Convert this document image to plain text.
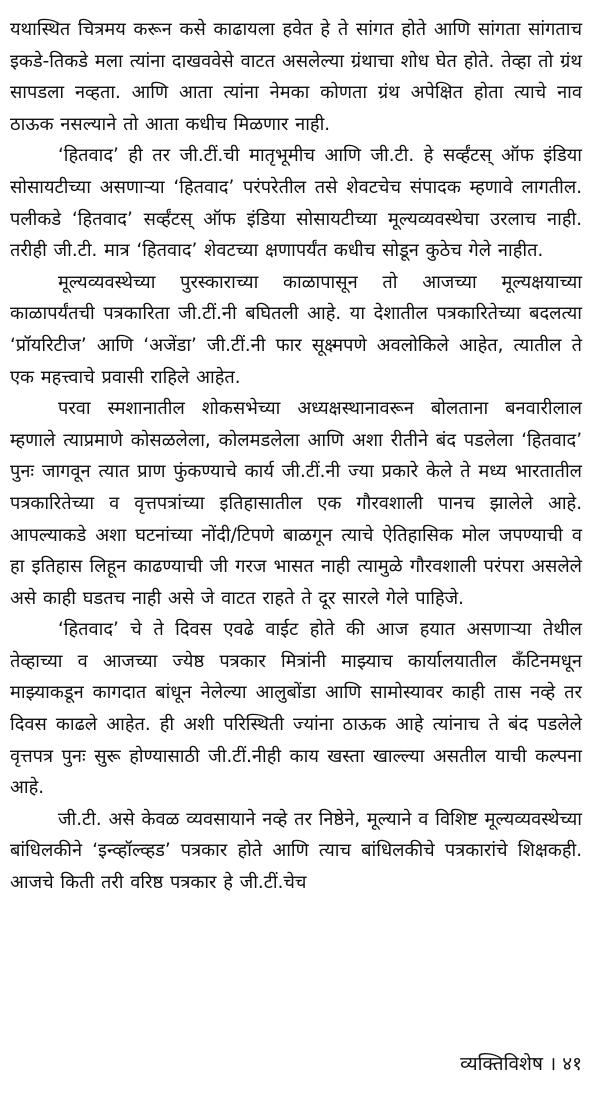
यथास्थित चित्रमय करून कसे काढायला हवेत हे ते सांगत होते आणि सांगता सांगताच इकडे-तिकडे मला त्यांना दाखववेसे वाटत असलेल्या ग्रंथाचा शोध घेत होते. तेव्हा तो ग्रंथ सापडला नव्हता. आणि आता त्यांना नेमका कोणता ग्रंथ अपेक्षित होता त्याचे नाव ठाऊक नसल्याने तो आता कधीच मिळणार नाही.

‘हितवाद’ ही तर जी.टीं.ची मातृभूमीच आणि जी.टी. हे सर्व्हंटस् ऑफ इंडिया सोसायटीच्या असणाऱ्या ‘हितवाद’ परंपरेतील तसे शेवटचेच संपादक म्हणावे लागतील. पलीकडे ‘हितवाद’ सर्व्हंटस् ऑफ इंडिया सोसायटीच्या मूल्यव्यवस्थेचा उरलाच नाही. तरीही जी.टी. मात्र ‘हितवाद’ शेवटच्या क्षणापर्यंत कधीच सोडून कुठेच गेले नाहीत.

मूल्यव्यवस्थेच्या पुरस्काराच्या काळापासून तो आजच्या मूल्यक्षयाच्या काळापर्यंतची पत्रकारिता जी.टीं.नी बघितली आहे. या देशातील पत्रकारितेच्या बदलत्या ‘प्रॉयरिटीज’ आणि ‘अजेंडा’ जी.टीं.नी फार सूक्ष्मपणे अवलोकिले आहेत, त्यातील ते एक महत्त्वाचे प्रवासी राहिले आहेत.

परवा स्मशानातील शोकसभेच्या अध्यक्षस्थानावरून बोलताना बनवारीलाल म्हणाले त्याप्रमाणे कोसळलेला, कोलमडलेला आणि अशा रीतीने बंद पडलेला ‘हितवाद’ पुनः जागवून त्यात प्राण फुंकण्याचे कार्य जी.टीं.नी ज्या प्रकारे केले ते मध्य भारतातील पत्रकारितेच्या व वृत्तपत्रांच्या इतिहासातील एक गौरवशाली पानच झालेले आहे. आपल्याकडे अशा घटनांच्या नोंदी/टिपणे बाळगून त्याचे ऐतिहासिक मोल जपण्याची व हा इतिहास लिहून काढण्याची जी गरज भासत नाही त्यामुळे गौरवशाली परंपरा असलेले असे काही घडतच नाही असे जे वाटत राहते ते दूर सारले गेले पाहिजे.

‘हितवाद’ चे ते दिवस एवढे वाईट होते की आज हयात असणाऱ्या तेथील तेव्हाच्या व आजच्या ज्येष्ठ पत्रकार मित्रांनी माझ्याच कार्यालयातील कँटिनमधून माझ्याकडून कागदात बांधून नेलेल्या आलुबोंडा आणि सामोस्यावर काही तास नव्हे तर दिवस काढले आहेत. ही अशी परिस्थिती ज्यांना ठाऊक आहे त्यांनाच ते बंद पडलेले वृत्तपत्र पुनः सुरू होण्यासाठी जी.टीं.नीही काय खस्ता खाल्ल्या असतील याची कल्पना आहे.

जी.टी. असे केवळ व्यवसायाने नव्हे तर निष्ठेने, मूल्याने व विशिष्ट मूल्यव्यवस्थेच्या बांधिलकीने ‘इन्व्हॉल्व्हड’ पत्रकार होते आणि त्याच बांधिलकीचे पत्रकारांचे शिक्षकही. आजचे किती तरी वरिष्ठ पत्रकार हे जी.टीं.चेच

व्यक्तिविशेष । ४१
